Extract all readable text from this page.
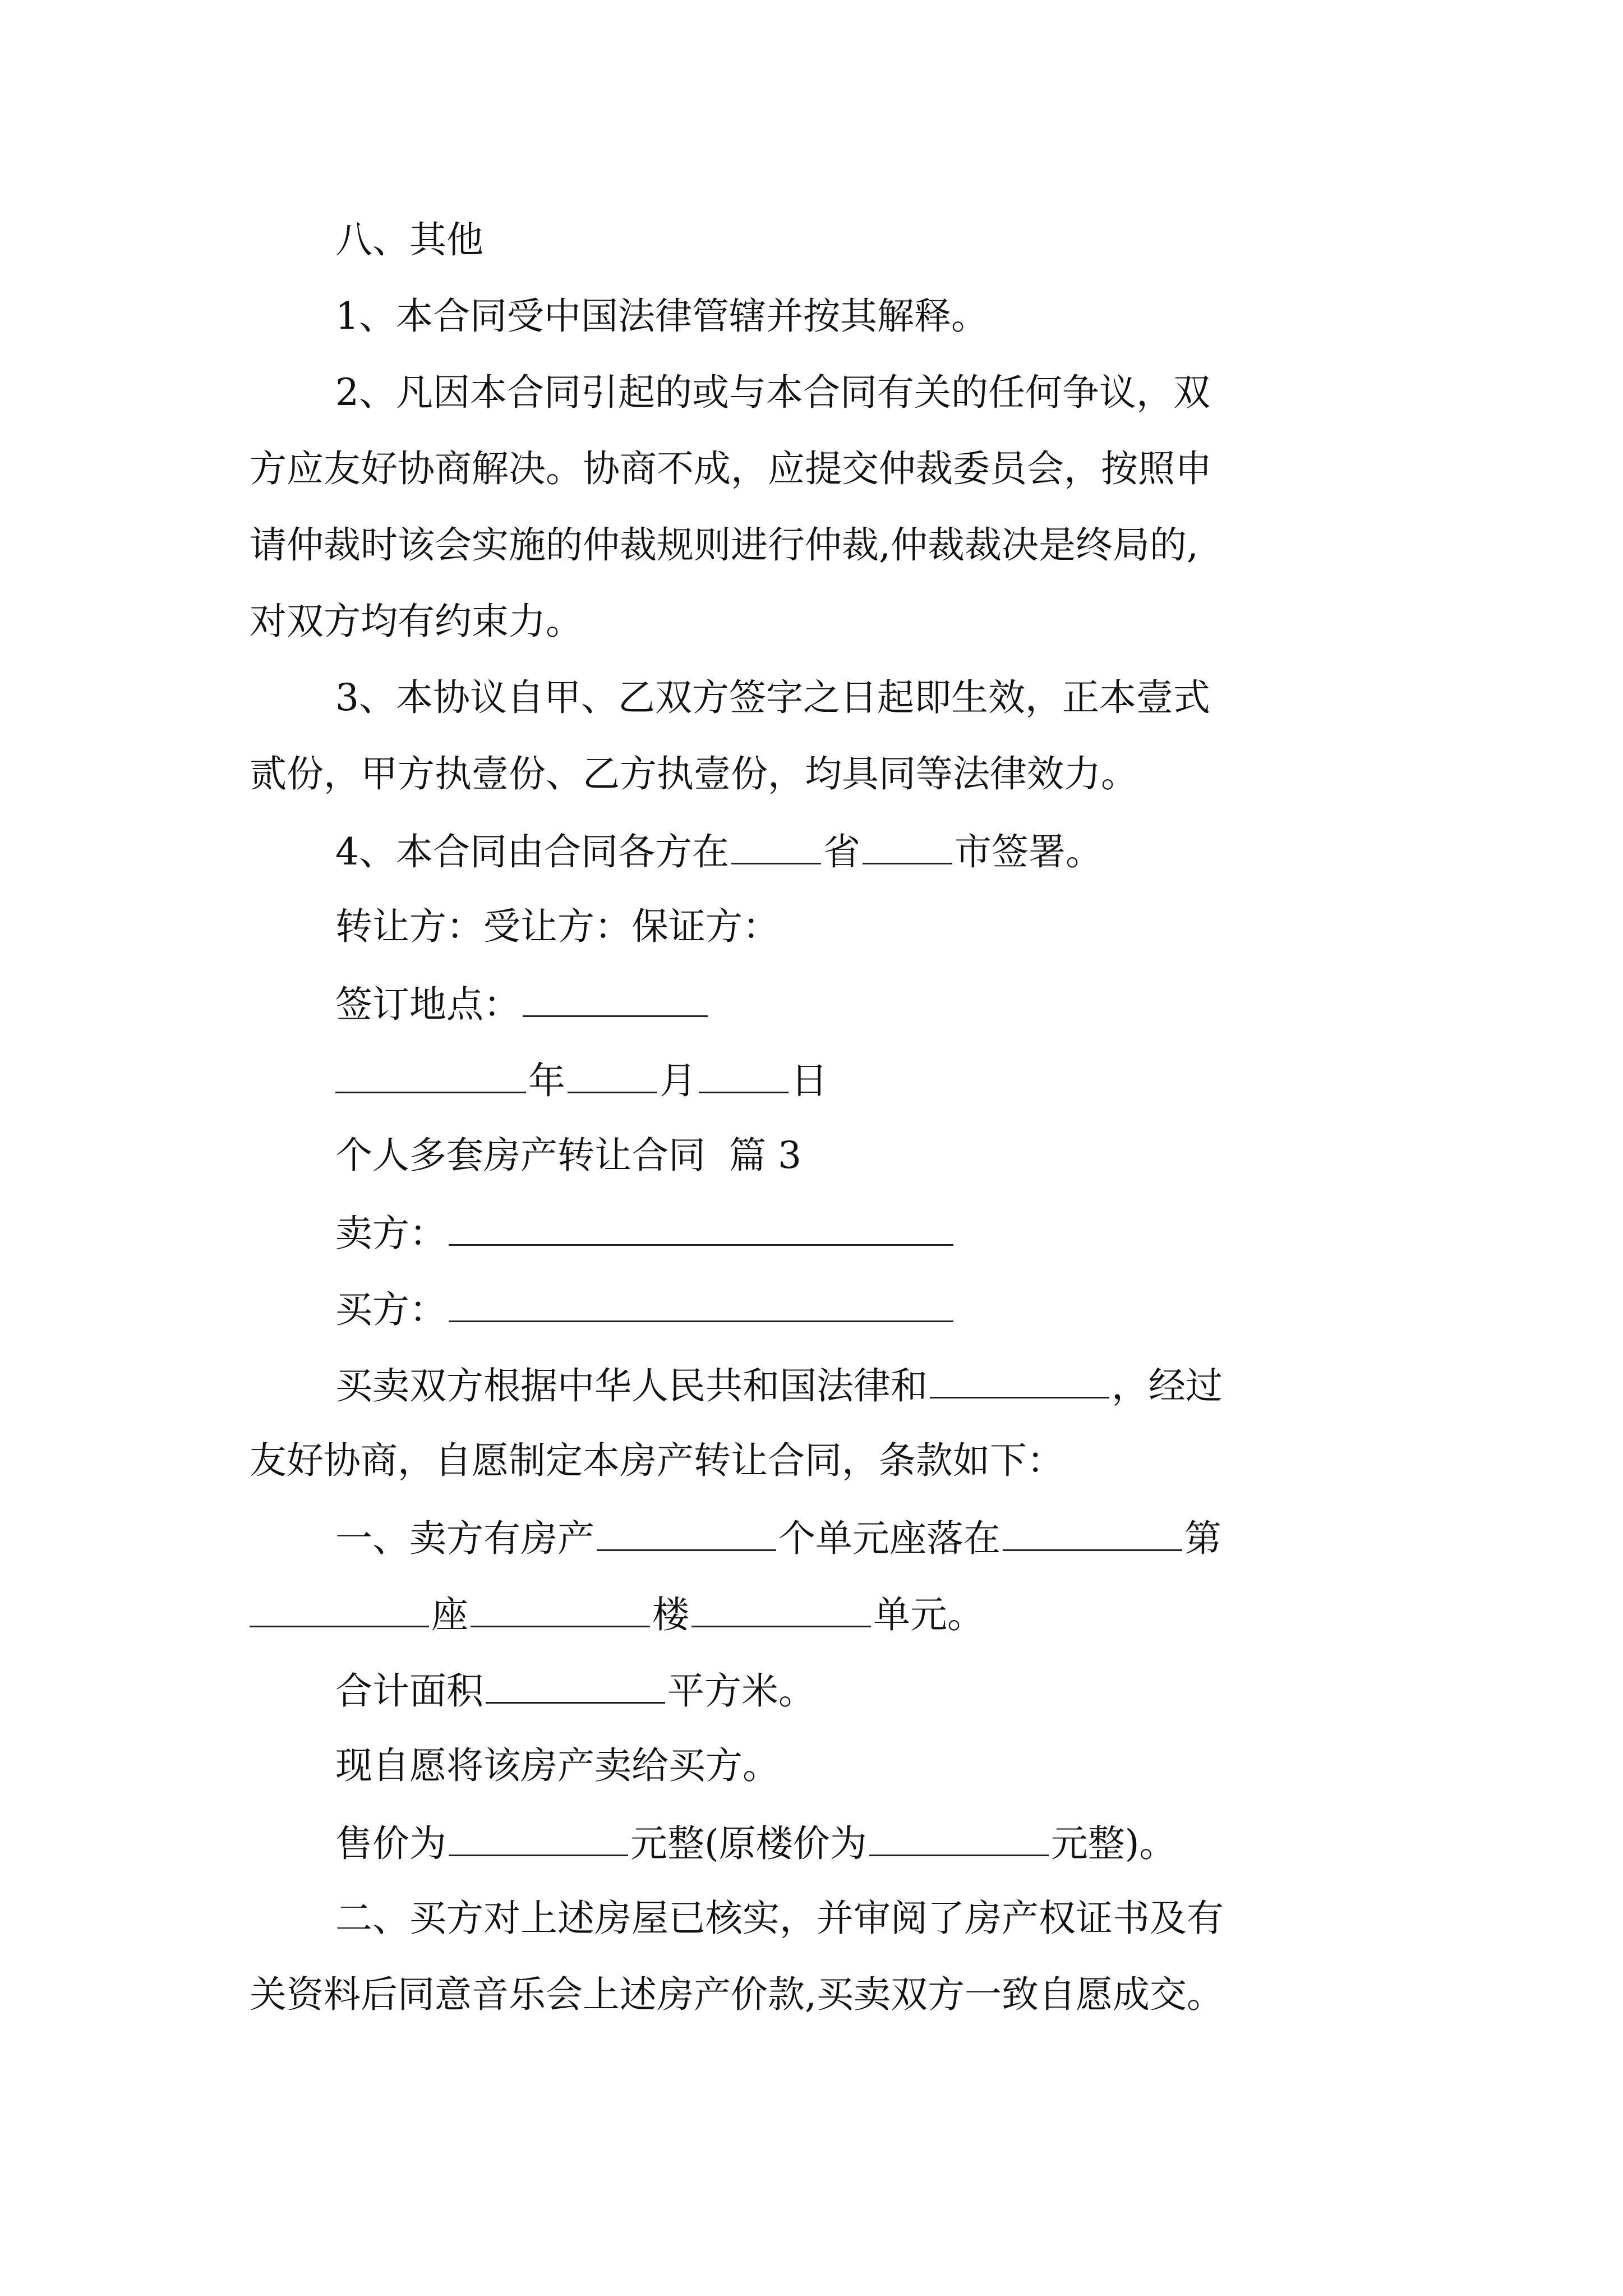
八、其他
1、本合同受中国法律管辖并按其解释。
2、凡因本合同引起的或与本合同有关的任何争议，双
方应友好协商解决。协商不成，应提交仲裁委员会，按照申
请仲裁时该会实施的仲裁规则进行仲裁,仲裁裁决是终局的,
对双方均有约束力。
3、本协议自甲、乙双方签字之日起即生效，正本壹式
贰份，甲方执壹份、乙方执壹份，均具同等法律效力。
4、本合同由合同各方在	省	市签署。
转让方：受让方：保证方：
签订地点：
年	月	日
个人多套房产转让合同  篇 3
卖方：
买方：
买卖双方根据中华人民共和国法律和	，经过
友好协商，自愿制定本房产转让合同，条款如下：
一、卖方有房产	个单元座落在	第
座	楼	单元。
合计面积	平方米。
现自愿将该房产卖给买方。
售价为	元整(原楼价为	元整)。
二、买方对上述房屋已核实，并审阅了房产权证书及有
关资料后同意音乐会上述房产价款,买卖双方一致自愿成交。
